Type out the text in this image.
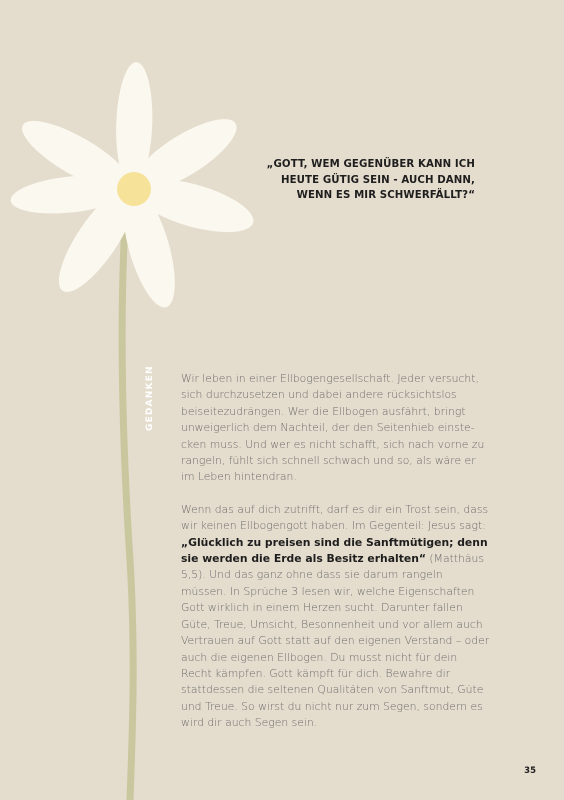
„GOTT, WEM GEGENÜBER KANN ICH
HEUTE GÜTIG SEIN - AUCH DANN,
WENN ES MIR SCHWERFÄLLT?“
GEDANKEN Wir leben in einer Ellbogengesellschaft. Jeder versucht, sich durchzusetzen und dabei andere rücksichtslos beiseitezudrängen. Wer die Ellbogen ausfährt, bringt unweigerlich dem Nachteil, der den Seitenhieb einstecken muss. Und wer es nicht schafft, sich nach vorne zu rangeln, fühlt sich schnell schwach und so, als wäre er im Leben hintendran.

Wenn das auf dich zutrifft, darf es dir ein Trost sein, dass wir keinen Ellbogengott haben. Im Gegenteil: Jesus sagt: „Glücklich zu preisen sind die Sanftmütigen; denn sie werden die Erde als Besitz erhalten“ (Matthäus 5,5). Und das ganz ohne dass sie darum rangeln müssen. In Sprüche 3 lesen wir, welche Eigenschaften Gott wirklich in einem Herzen sucht. Darunter fallen Güte, Treue, Umsicht, Besonnenheit und vor allem auch Vertrauen auf Gott statt auf den eigenen Verstand – oder auch die eigenen Ellbogen. Du musst nicht für dein Recht kämpfen. Gott kämpft für dich. Bewahre dir stattdessen die seltenen Qualitäten von Sanftmut, Güte und Treue. So wirst du nicht nur zum Segen, sondern es wird dir auch Segen sein.

35
